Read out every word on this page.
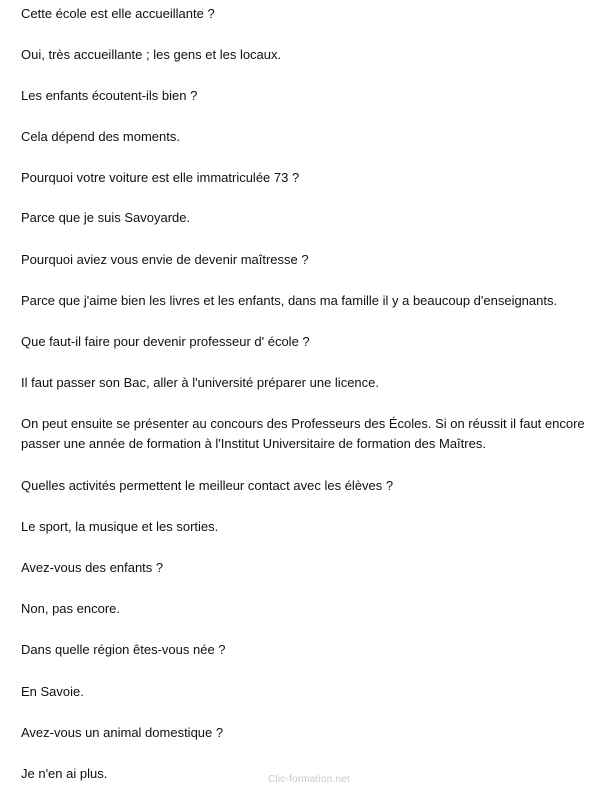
Cette école est elle accueillante ?
Oui, très accueillante ; les gens et les locaux.
Les enfants écoutent-ils bien ?
Cela dépend des moments.
Pourquoi votre voiture est elle immatriculée 73 ?
Parce que je suis Savoyarde.
Pourquoi aviez vous envie de devenir maîtresse ?
Parce que j'aime bien les livres et les enfants, dans ma famille il y a beaucoup d'enseignants.
Que faut-il faire pour devenir professeur d' école ?
Il faut passer son Bac, aller à l'université préparer une licence.
On peut ensuite se présenter au concours des Professeurs des Écoles. Si on réussit il faut encore passer une année de formation à l'Institut Universitaire de formation des Maîtres.
Quelles activités permettent le meilleur contact avec les élèves ?
Le sport, la musique et les sorties.
Avez-vous des enfants ?
Non, pas encore.
Dans quelle région êtes-vous née ?
En Savoie.
Avez-vous un animal domestique ?
Je n'en ai plus.	Clic-formation.net
